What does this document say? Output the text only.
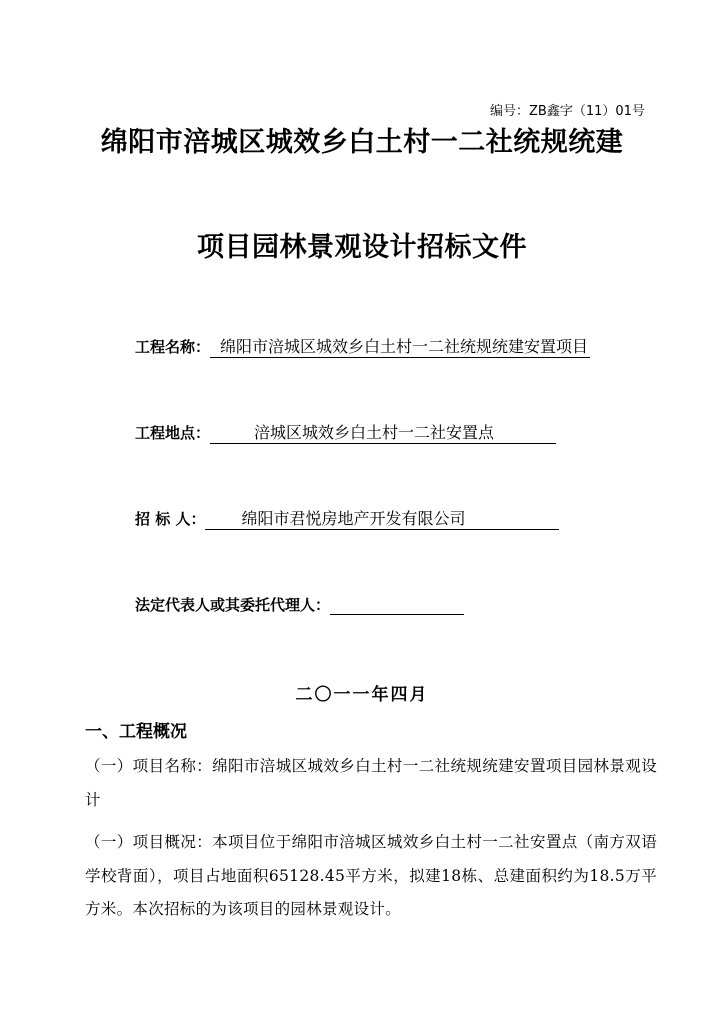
编号：ZB鑫字（11）01号
绵阳市涪城区城效乡白土村一二社统规统建
项目园林景观设计招标文件
工程名称： 绵阳市涪城区城效乡白土村一二社统规统建安置项目
工程地点：	涪城区城效乡白土村一二社安置点
招 标 人： 绵阳市君悦房地产开发有限公司
法定代表人或其委托代理人：
二〇一一年四月
一、工程概况
（一）项目名称：绵阳市涪城区城效乡白土村一二社统规统建安置项目园林景观设计
（一）项目概况：本项目位于绵阳市涪城区城效乡白土村一二社安置点（南方双语学校背面），项目占地面积65128.45平方米，拟建18栋、总建面积约为18.5万平方米。本次招标的为该项目的园林景观设计。
